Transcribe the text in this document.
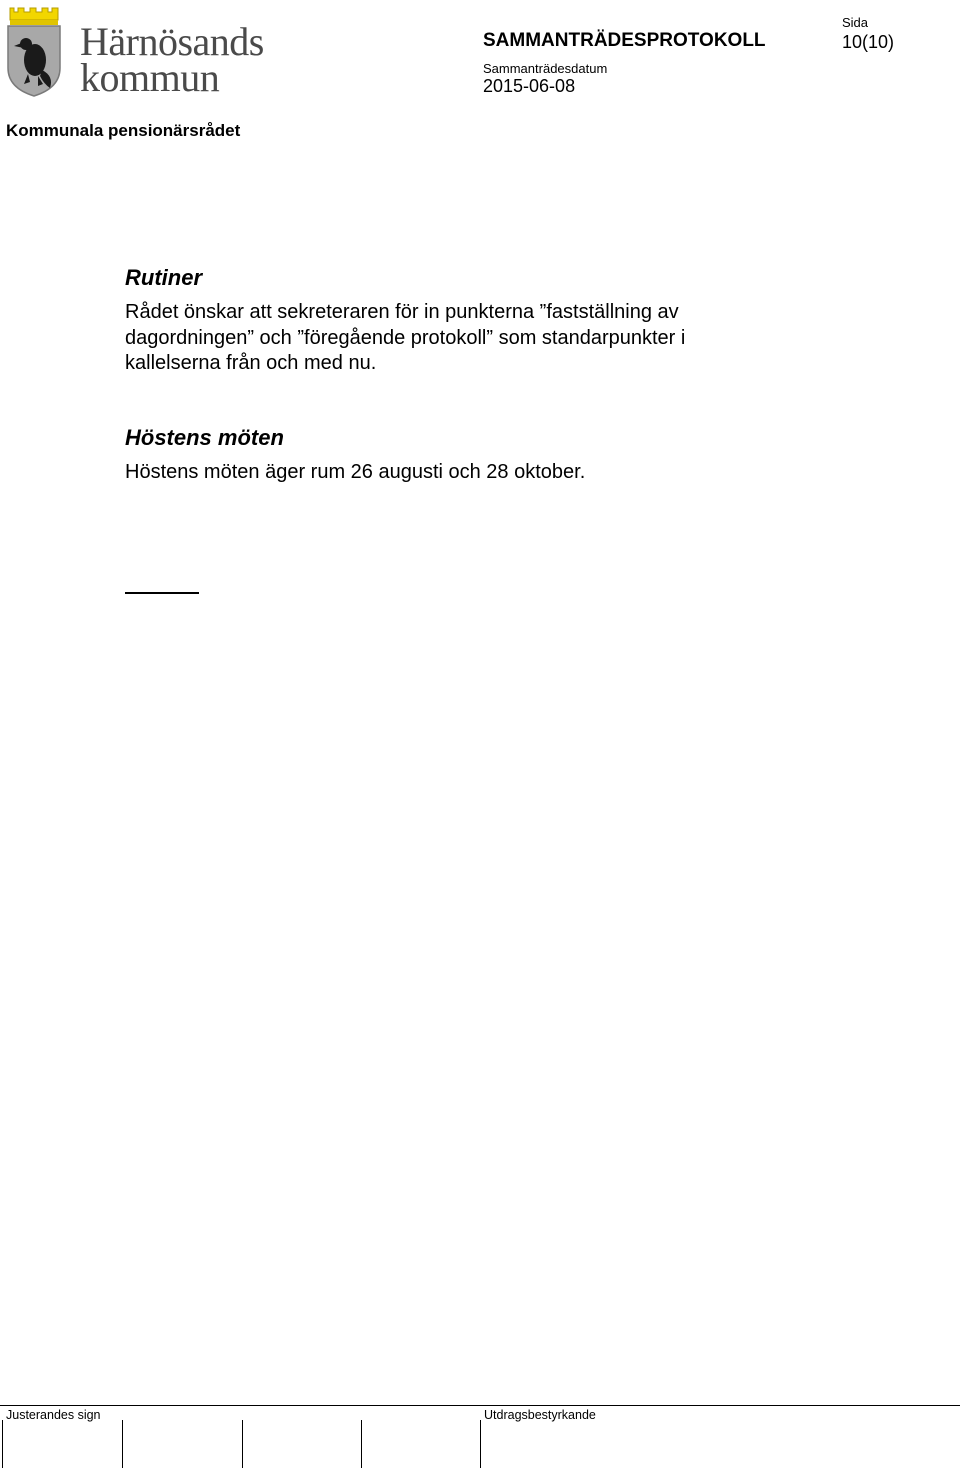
Härnösands
kommun
SAMMANTRÄDESPROTOKOLL
Sammanträdesdatum
2015-06-08
Sida
10(10)
Kommunala pensionärsrådet
Rutiner
Rådet önskar att sekreteraren för in punkterna ”fastställning av dagordningen” och ”föregående protokoll” som standarpunkter i kallelserna från och med nu.
Höstens möten
Höstens möten äger rum 26 augusti och 28 oktober.
Justerandes sign	Utdragsbestyrkande
